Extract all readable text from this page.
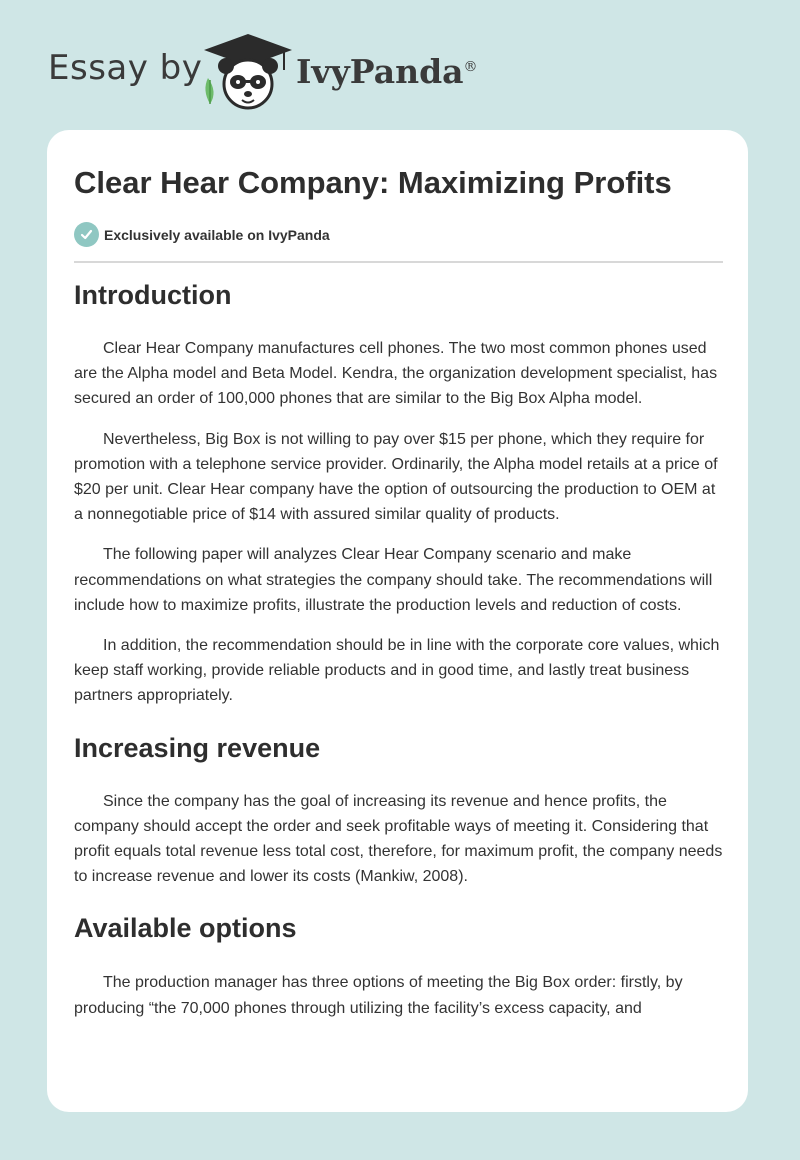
Essay by	IvyPanda®
Clear Hear Company: Maximizing Profits
Exclusively available on IvyPanda
Introduction

Clear Hear Company manufactures cell phones. The two most common phones used are the Alpha model and Beta Model. Kendra, the organization development specialist, has secured an order of 100,000 phones that are similar to the Big Box Alpha model.

Nevertheless, Big Box is not willing to pay over $15 per phone, which they require for promotion with a telephone service provider. Ordinarily, the Alpha model retails at a price of $20 per unit. Clear Hear company have the option of outsourcing the production to OEM at a nonnegotiable price of $14 with assured similar quality of products.

The following paper will analyzes Clear Hear Company scenario and make recommendations on what strategies the company should take. The recommendations will include how to maximize profits, illustrate the production levels and reduction of costs.

In addition, the recommendation should be in line with the corporate core values, which keep staff working, provide reliable products and in good time, and lastly treat business partners appropriately.

Increasing revenue

Since the company has the goal of increasing its revenue and hence profits, the company should accept the order and seek profitable ways of meeting it. Considering that profit equals total revenue less total cost, therefore, for maximum profit, the company needs to increase revenue and lower its costs (Mankiw, 2008).

Available options

The production manager has three options of meeting the Big Box order: firstly, by producing “the 70,000 phones through utilizing the facility’s excess capacity, and
